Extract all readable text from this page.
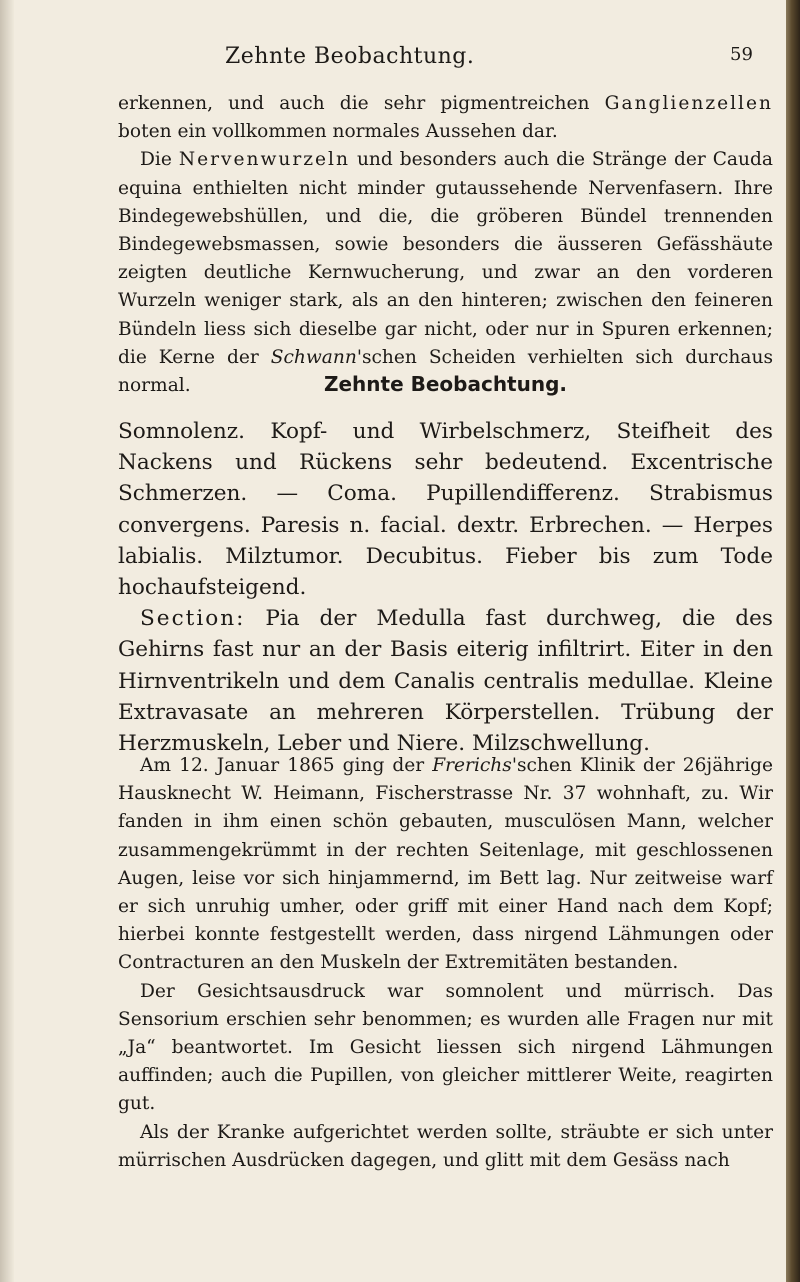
Zehnte Beobachtung.	59

erkennen, und auch die sehr pigmentreichen Ganglienzellen boten ein vollkommen normales Aussehen dar.

Die Nervenwurzeln und besonders auch die Stränge der Cauda equina enthielten nicht minder gutaussehende Nervenfasern. Ihre Bindegewebshüllen, und die, die gröberen Bündel trennenden Bindegewebsmassen, sowie besonders die äusseren Gefässhäute zeigten deutliche Kernwucherung, und zwar an den vorderen Wurzeln weniger stark, als an den hinteren; zwischen den feineren Bündeln liess sich dieselbe gar nicht, oder nur in Spuren erkennen; die Kerne der Schwann'schen Scheiden verhielten sich durchaus normal.	Zehnte Beobachtung.

Somnolenz. Kopf- und Wirbelschmerz, Steifheit des Nackens und Rückens sehr bedeutend. Excentrische Schmerzen. — Coma. Pupillendifferenz. Strabismus convergens. Paresis n. facial. dextr. Erbrechen. — Herpes labialis. Milztumor. Decubitus. Fieber bis zum Tode hochaufsteigend.

Section: Pia der Medulla fast durchweg, die des Gehirns fast nur an der Basis eiterig infiltrirt. Eiter in den Hirnventrikeln und dem Canalis centralis medullae. Kleine Extravasate an mehreren Körperstellen. Trübung der Herzmuskeln, Leber und Niere. Milzschwellung.

Am 12. Januar 1865 ging der Frerichs'schen Klinik der 26jährige Hausknecht W. Heimann, Fischerstrasse Nr. 37 wohnhaft, zu. Wir fanden in ihm einen schön gebauten, musculösen Mann, welcher zusammengekrümmt in der rechten Seitenlage, mit geschlossenen Augen, leise vor sich hinjammernd, im Bett lag. Nur zeitweise warf er sich unruhig umher, oder griff mit einer Hand nach dem Kopf; hierbei konnte festgestellt werden, dass nirgend Lähmungen oder Contracturen an den Muskeln der Extremitäten bestanden.

Der Gesichtsausdruck war somnolent und mürrisch. Das Sensorium erschien sehr benommen; es wurden alle Fragen nur mit „Ja“ beantwortet. Im Gesicht liessen sich nirgend Lähmungen auffinden; auch die Pupillen, von gleicher mittlerer Weite, reagirten gut.

Als der Kranke aufgerichtet werden sollte, sträubte er sich unter mürrischen Ausdrücken dagegen, und glitt mit dem Gesäss nach
